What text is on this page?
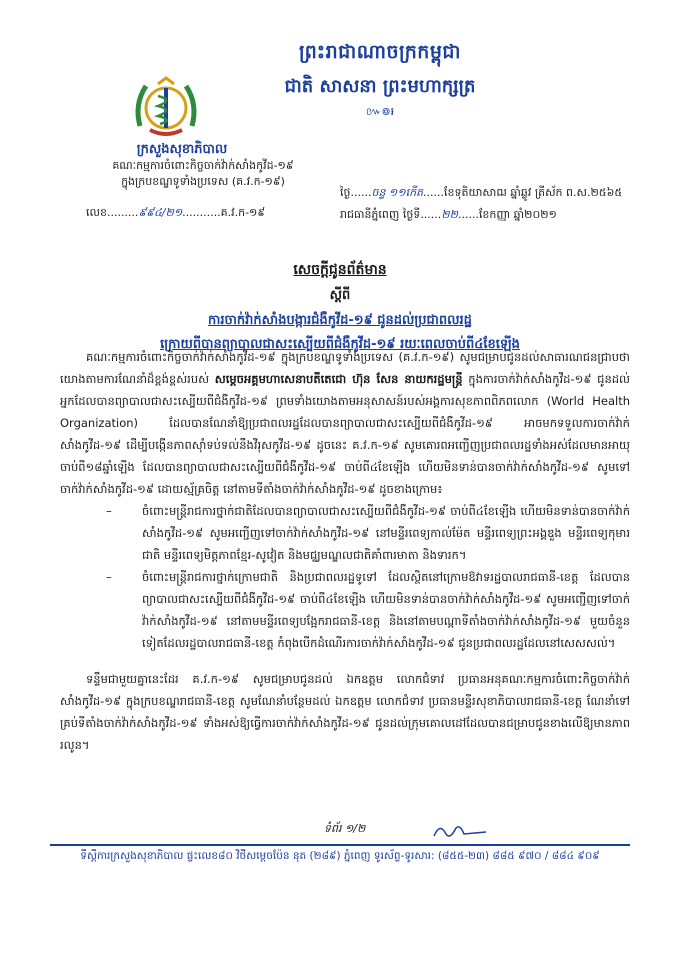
ព្រះរាជាណាចក្រកម្ពុជា
ជាតិ សាសនា ព្រះមហាក្សត្រ
៚៙៛
ក្រសួងសុខាភិបាល
គណៈកម្មការចំពោះកិច្ចចាក់វ៉ាក់សាំងកូវីដ-១៩
ក្នុងក្របខណ្ឌទូទាំងប្រទេស (គ.វ.ក-១៩)
លេខ.........៩៩៤/២១...........គ.វ.ក-១៩
ថ្ងៃ......ចន្ទ ១១កើត......ខែទុតិយាសាឍ ឆ្នាំឆ្លូវ ត្រីស័ក ព.ស.២៥៦៥
រាជធានីភ្នំពេញ ថ្ងៃទី......២២......ខែកញ្ញា ឆ្នាំ២០២១
សេចក្តីជូនព័ត៌មាន
ស្តីពី
ការចាក់វ៉ាក់សាំងបង្ការជំងឺកូវីដ-១៩ ជូនដល់ប្រជាពលរដ្ឋ
ក្រោយពីបានព្យាបាលជាសះស្បើយពីជំងឺកូវីដ-១៩ រយៈពេលចាប់ពី៤ខែឡើង

គណៈកម្មការចំពោះកិច្ចចាក់វ៉ាក់សាំងកូវីដ-១៩ ក្នុងក្របខណ្ឌទូទាំងប្រទេស (គ.វ.ក-១៩) សូមជម្រាបជូនដល់សាធារណជនជ្រាបថា យោងតាមការណែនាំដ៏ខ្ពង់ខ្ពស់របស់ សម្តេចអគ្គមហាសេនាបតីតេជោ ហ៊ុន សែន នាយករដ្ឋមន្ត្រី ក្នុងការចាក់វ៉ាក់សាំងកូវីដ-១៩ ជូនដល់អ្នកដែលបានព្យាបាលជាសះស្បើយពីជំងឺកូវីដ-១៩ ព្រមទាំងយោងតាមអនុសាសន៍របស់អង្គការសុខភាពពិភពលោក (World Health Organization) ដែលបានណែនាំឱ្យប្រជាពលរដ្ឋដែលបានព្យាបាលជាសះស្បើយពីជំងឺកូវីដ-១៩ អាចមកទទួលការចាក់វ៉ាក់សាំងកូវីដ-១៩ ដើម្បីបង្កើនភាពស៊ាំទប់ទល់នឹងវីរុសកូវីដ-១៩ ដូចនេះ គ.វ.ក-១៩ សូមគោរពអញ្ជើញប្រជាពលរដ្ឋទាំងអស់ដែលមានអាយុចាប់ពី១៨ឆ្នាំឡើង ដែលបានព្យាបាលជាសះស្បើយពីជំងឺកូវីដ-១៩ ចាប់ពី៤ខែឡើង ហើយមិនទាន់បានចាក់វ៉ាក់សាំងកូវីដ-១៩ សូមទៅចាក់វ៉ាក់សាំងកូវីដ-១៩ ដោយស្ម័គ្រចិត្ត នៅតាមទីតាំងចាក់វ៉ាក់សាំងកូវីដ-១៩ ដូចខាងក្រោម៖

– ចំពោះមន្ត្រីរាជការថ្នាក់ជាតិដែលបានព្យាបាលជាសះស្បើយពីជំងឺកូវីដ-១៩ ចាប់ពី៤ខែឡើង ហើយមិនទាន់បានចាក់វ៉ាក់សាំងកូវីដ-១៩ សូមអញ្ជើញទៅចាក់វ៉ាក់សាំងកូវីដ-១៩ នៅមន្ទីរពេទ្យកាល់ម៉ែត មន្ទីរពេទ្យព្រះអង្គឌួង មន្ទីរពេទ្យកុមារជាតិ មន្ទីរពេទ្យមិត្តភាពខ្មែរ-សូវៀត និងមជ្ឈមណ្ឌលជាតិគាំពារមាតា និងទារក។
– ចំពោះមន្ត្រីរាជការថ្នាក់ក្រោមជាតិ និងប្រជាពលរដ្ឋទូទៅ ដែលស្ថិតនៅក្រោមឱវាទរដ្ឋបាលរាជធានី-ខេត្ត ដែលបានព្យាបាលជាសះស្បើយពីជំងឺកូវីដ-១៩ ចាប់ពី៤ខែឡើង ហើយមិនទាន់បានចាក់វ៉ាក់សាំងកូវីដ-១៩ សូមអញ្ជើញទៅចាក់វ៉ាក់សាំងកូវីដ-១៩ នៅតាមមន្ទីរពេទ្យបង្អែករាជធានី-ខេត្ត និងនៅតាមបណ្តាទីតាំងចាក់វ៉ាក់សាំងកូវីដ-១៩ មួយចំនួនទៀតដែលរដ្ឋបាលរាជធានី-ខេត្ត កំពុងបើកដំណើរការចាក់វ៉ាក់សាំងកូវីដ-១៩ ជូនប្រជាពលរដ្ឋដែលនៅសេសសល់។

ទន្ទឹមជាមួយគ្នានេះដែរ គ.វ.ក-១៩ សូមជម្រាបជូនដល់ ឯកឧត្តម លោកជំទាវ ប្រធានអនុគណៈកម្មការចំពោះកិច្ចចាក់វ៉ាក់សាំងកូវីដ-១៩ ក្នុងក្របខណ្ឌរាជធានី-ខេត្ត សូមណែនាំបន្ថែមដល់ ឯកឧត្តម លោកជំទាវ ប្រធានមន្ទីរសុខាភិបាលរាជធានី-ខេត្ត ណែនាំទៅគ្រប់ទីតាំងចាក់វ៉ាក់សាំងកូវីដ-១៩ ទាំងអស់ឱ្យធ្វើការចាក់វ៉ាក់សាំងកូវីដ-១៩ ជូនដល់ក្រុមគោលដៅដែលបានជម្រាបជូនខាងលើឱ្យមានភាពរលូន។

ទំព័រ ១/២
ទីស្តីការក្រសួងសុខាភិបាល ផ្ទះលេខ៨០ វិថីសម្តេចប៉ែន នុត (២៨៩) ភ្នំពេញ ទូរស័ព្ទ-ទូរសារ: (៨៥៥-២៣) ៨៨៥ ៩៧០ / ៨៨៤ ៩០៩
